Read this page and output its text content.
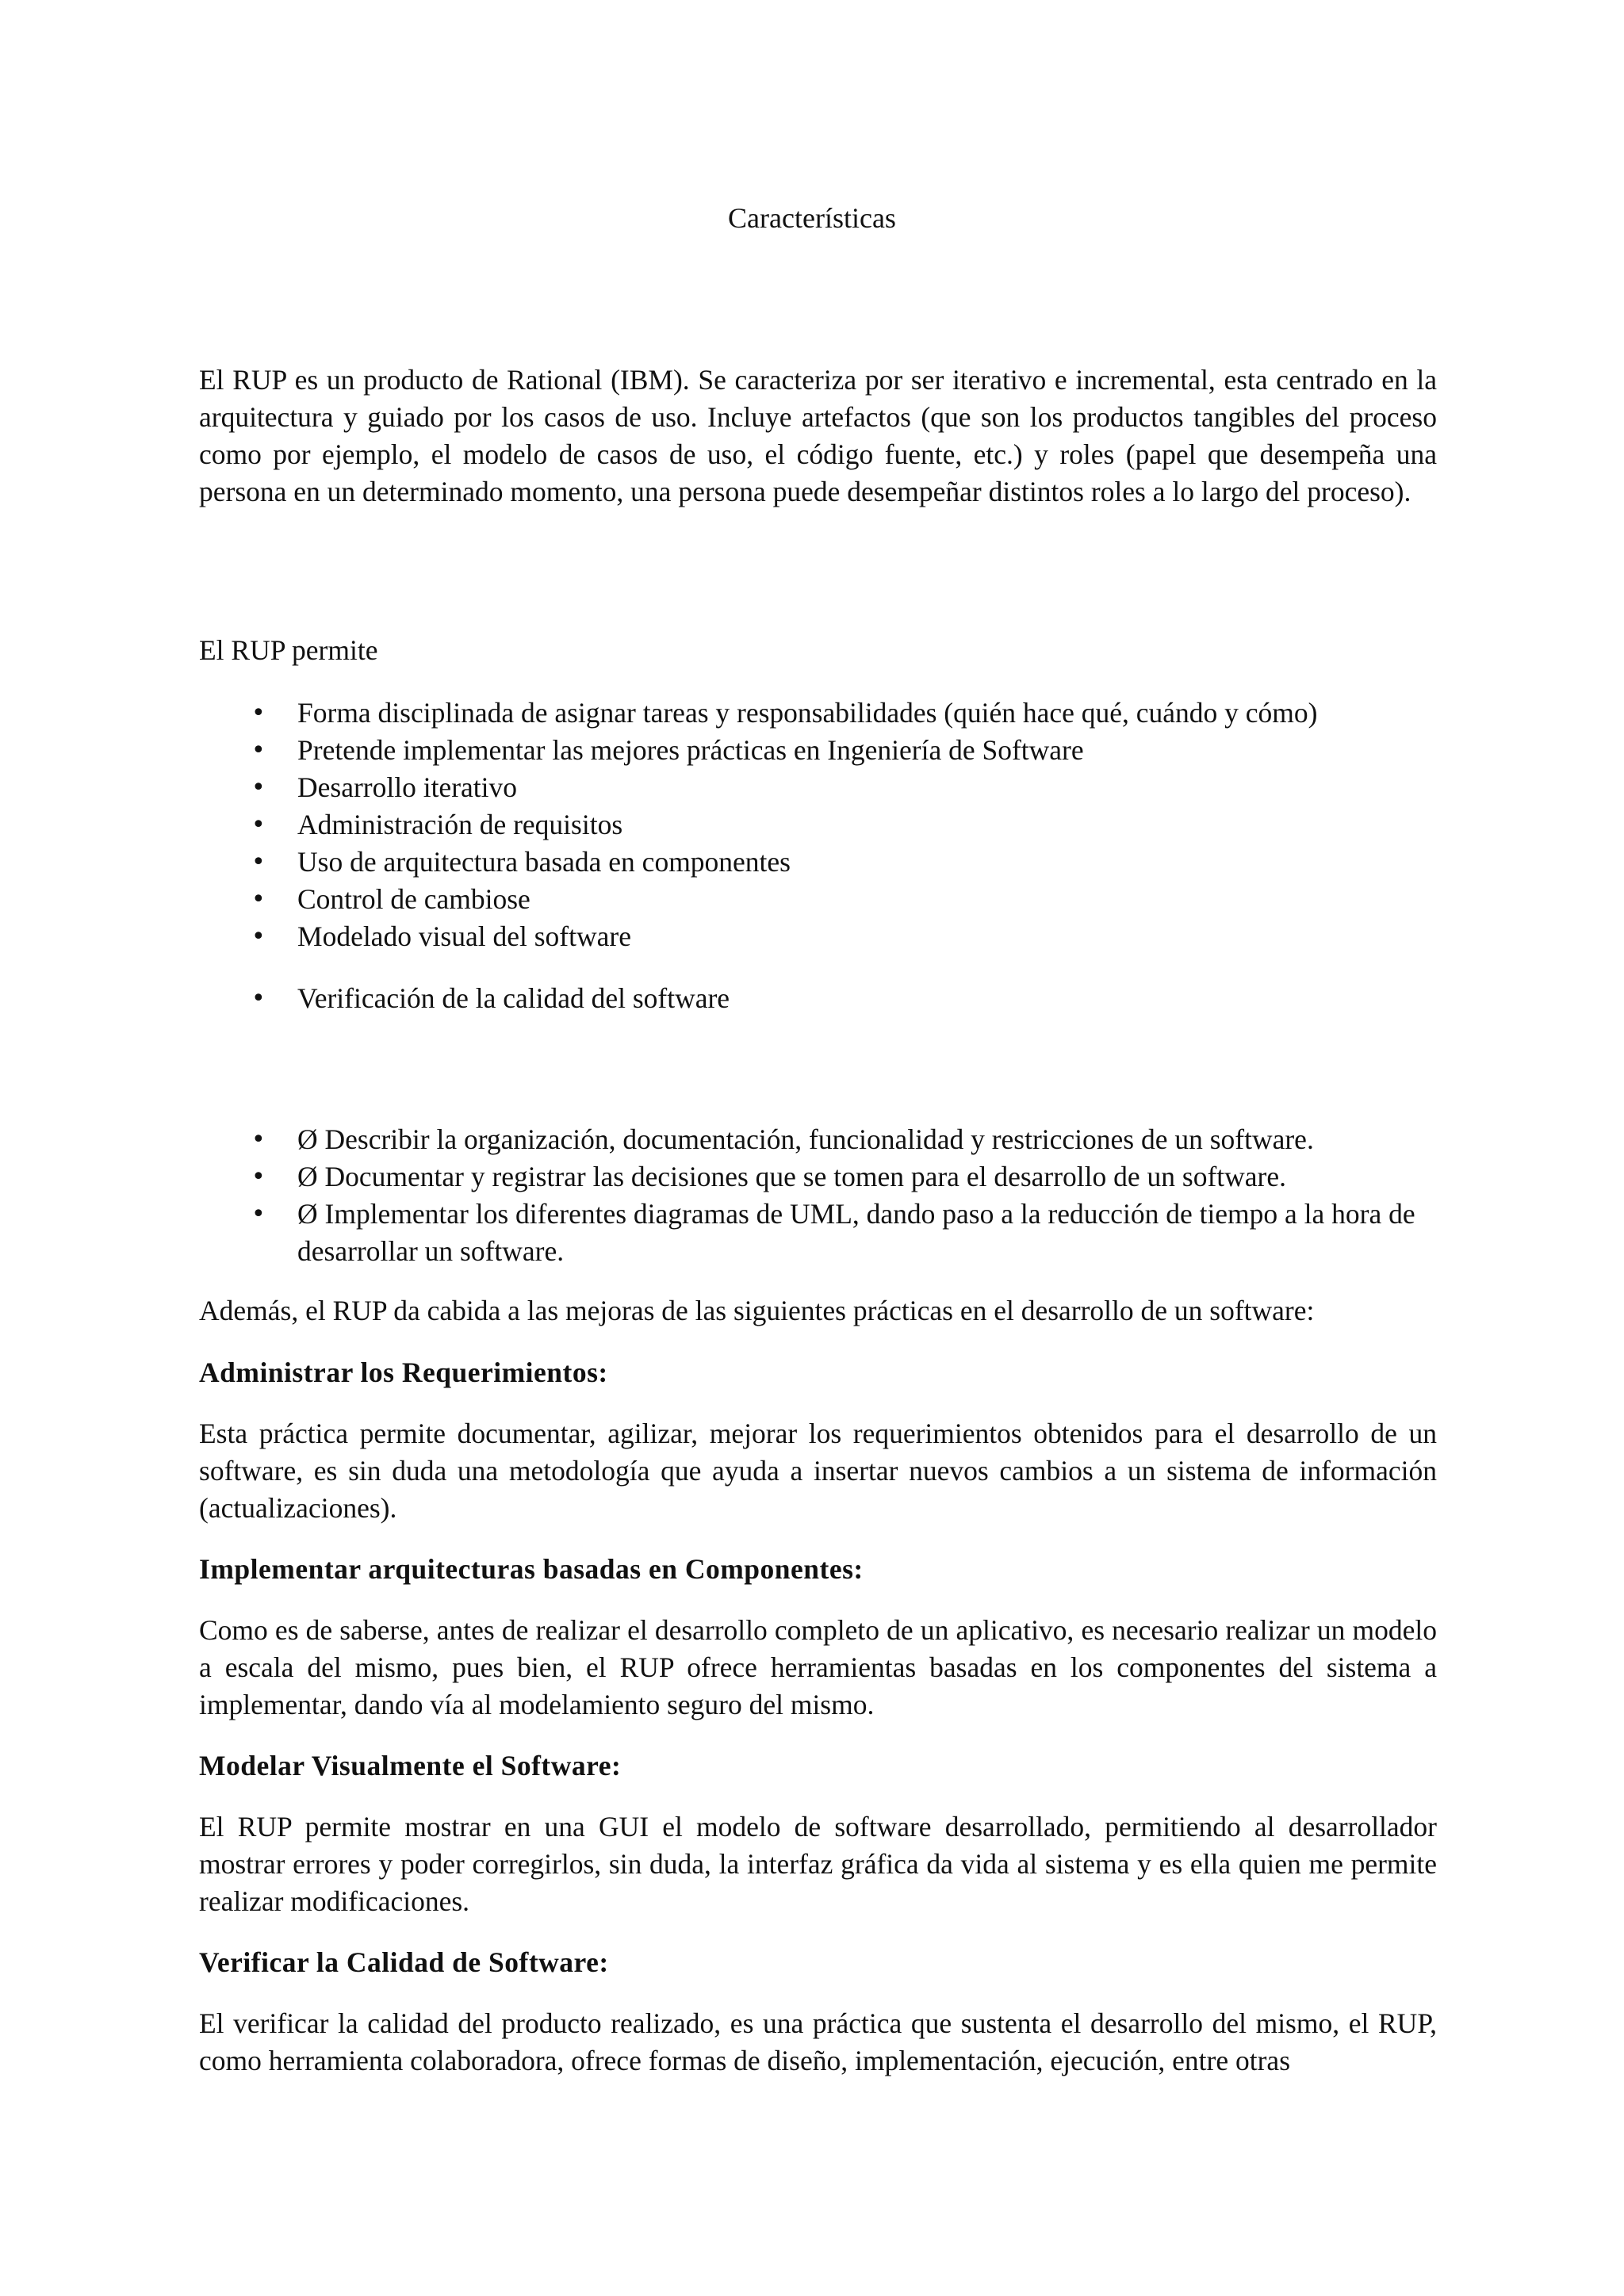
Características

El RUP es un producto de Rational (IBM). Se caracteriza por ser iterativo e incremental, esta centrado en la arquitectura y guiado por los casos de uso. Incluye artefactos (que son los productos tangibles del proceso como por ejemplo, el modelo de casos de uso, el código fuente, etc.) y roles (papel que desempeña una persona en un determinado momento, una persona puede desempeñar distintos roles a lo largo del proceso).

El RUP permite

• Forma disciplinada de asignar tareas y responsabilidades (quién hace qué, cuándo y cómo)
• Pretende implementar las mejores prácticas en Ingeniería de Software
• Desarrollo iterativo
• Administración de requisitos
• Uso de arquitectura basada en componentes
• Control de cambiose
• Modelado visual del software
• Verificación de la calidad del software
• Ø Describir la organización, documentación, funcionalidad y restricciones de un software.
• Ø Documentar y registrar las decisiones que se tomen para el desarrollo de un software.
• Ø Implementar los diferentes diagramas de UML, dando paso a la reducción de tiempo a la hora de desarrollar un software.

Además, el RUP da cabida a las mejoras de las siguientes prácticas en el desarrollo de un software:

Administrar los Requerimientos:

Esta práctica permite documentar, agilizar, mejorar los requerimientos obtenidos para el desarrollo de un software, es sin duda una metodología que ayuda a insertar nuevos cambios a un sistema de información (actualizaciones).

Implementar arquitecturas basadas en Componentes:

Como es de saberse, antes de realizar el desarrollo completo de un aplicativo, es necesario realizar un modelo a escala del mismo, pues bien, el RUP ofrece herramientas basadas en los componentes del sistema a implementar, dando vía al modelamiento seguro del mismo.

Modelar Visualmente el Software:

El RUP permite mostrar en una GUI el modelo de software desarrollado, permitiendo al desarrollador mostrar errores y poder corregirlos, sin duda, la interfaz gráfica da vida al sistema y es ella quien me permite realizar modificaciones.

Verificar la Calidad de Software:

El verificar la calidad del producto realizado, es una práctica que sustenta el desarrollo del mismo, el RUP, como herramienta colaboradora, ofrece formas de diseño, implementación, ejecución, entre otras
